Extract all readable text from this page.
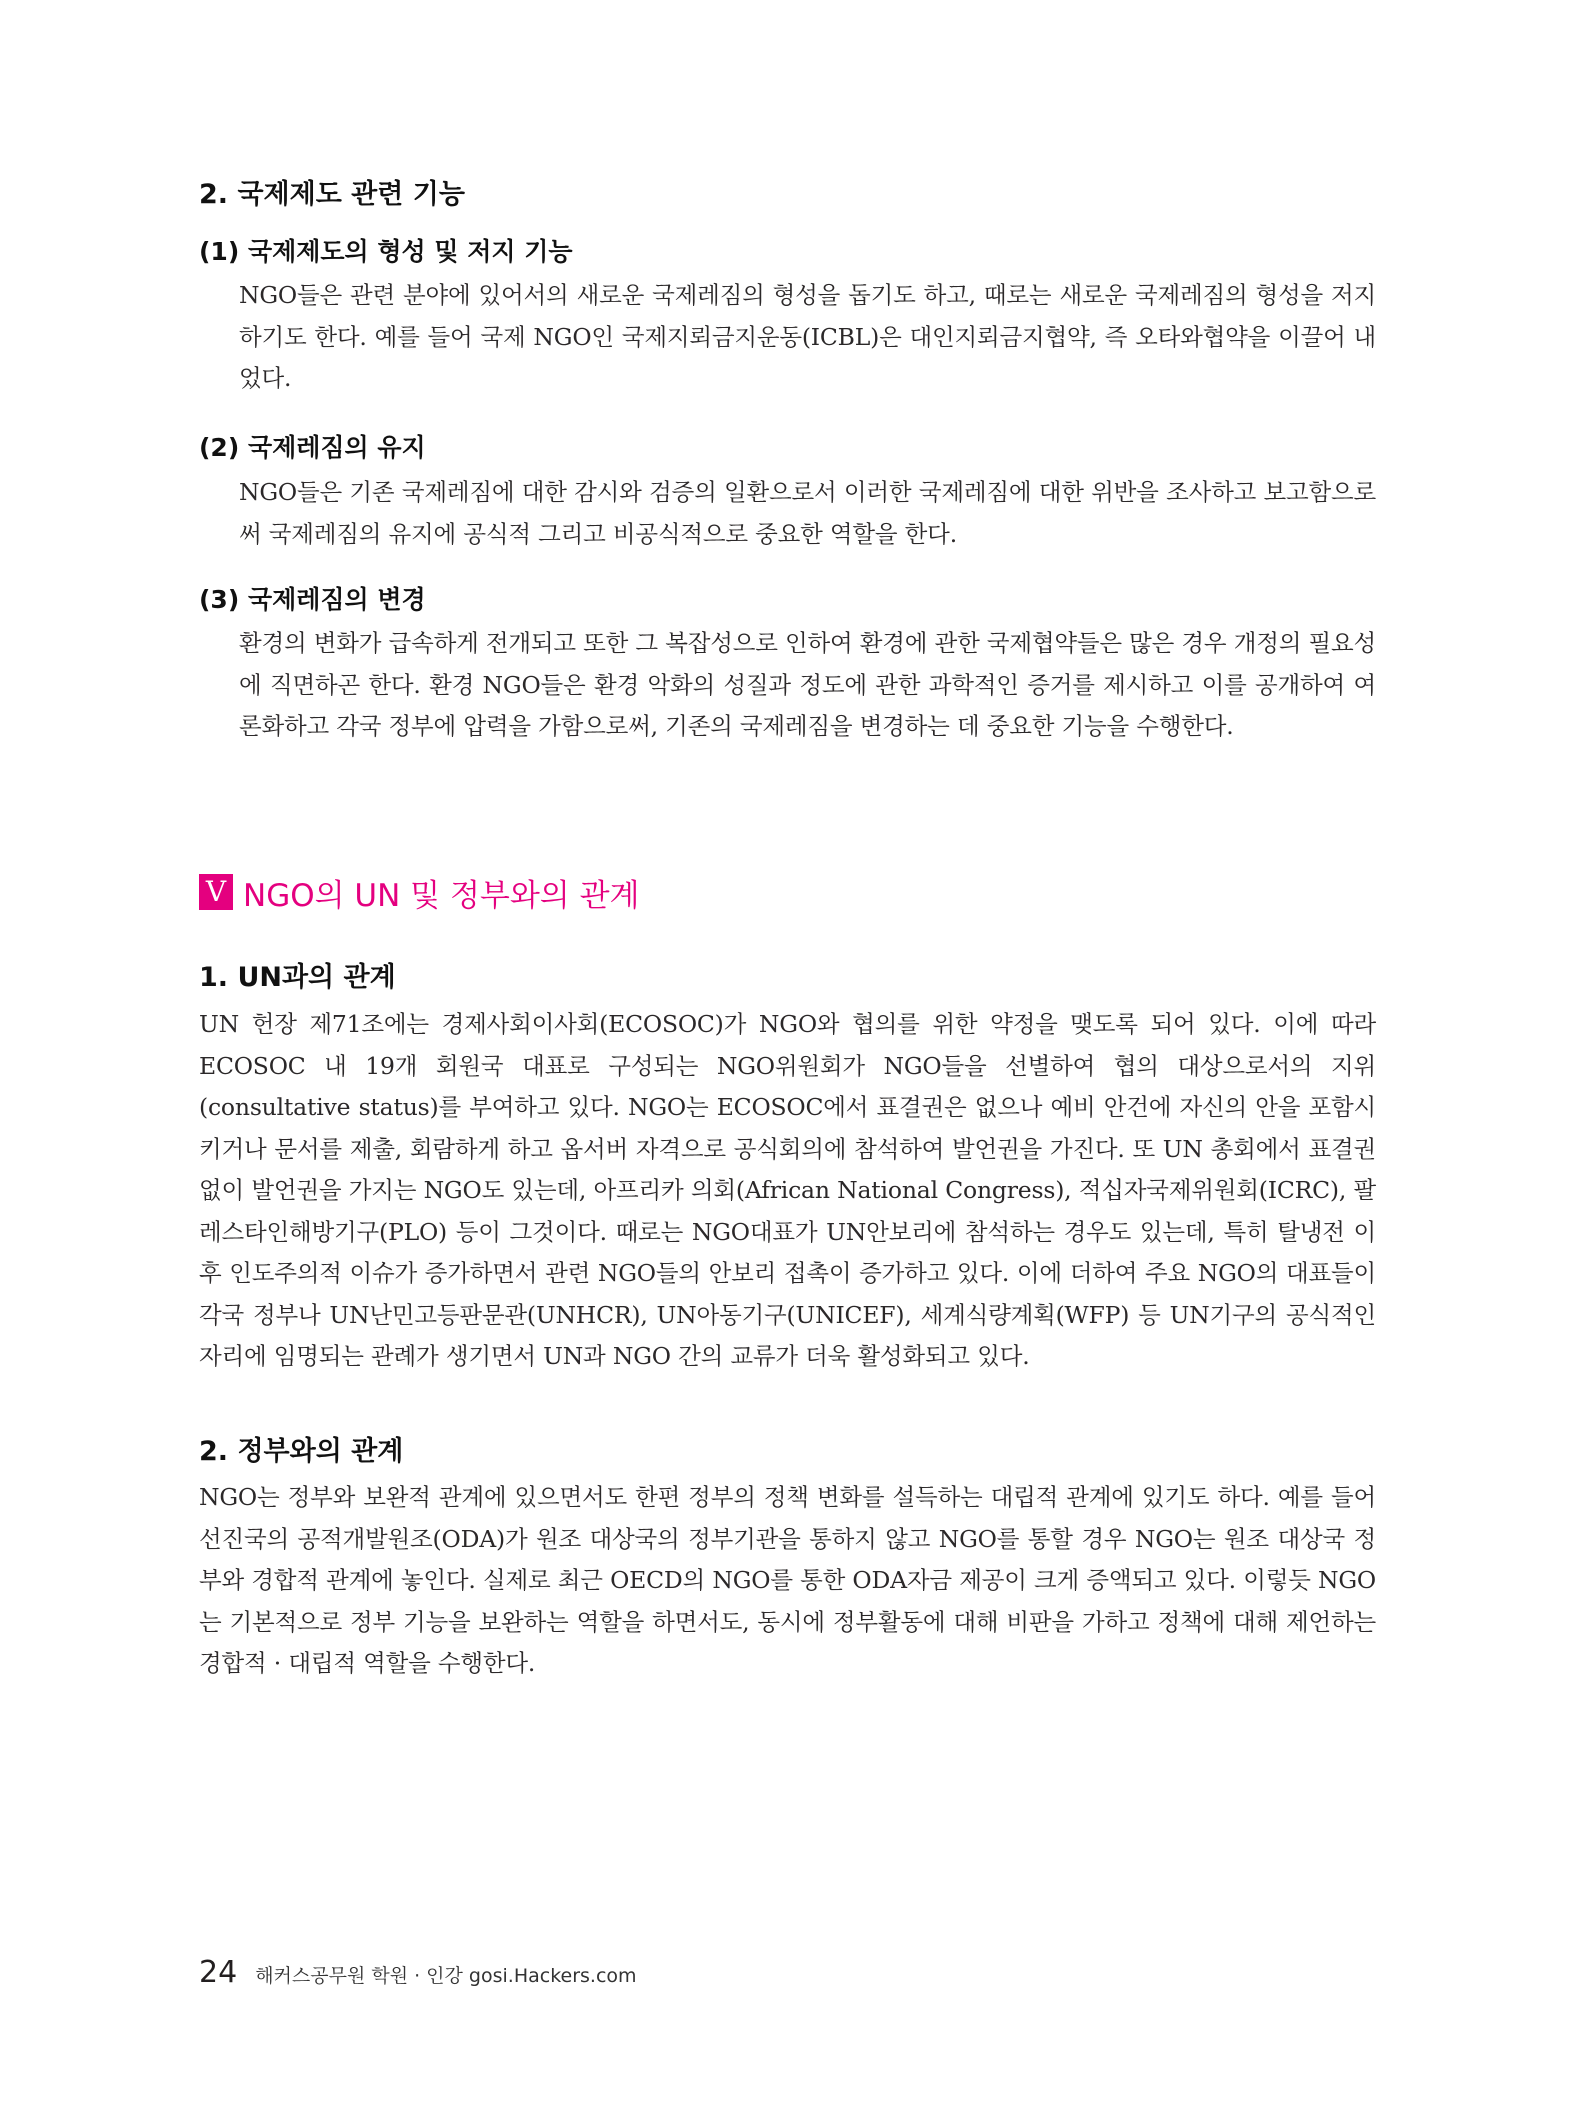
2. 국제제도 관련 기능
(1) 국제제도의 형성 및 저지 기능

NGO들은 관련 분야에 있어서의 새로운 국제레짐의 형성을 돕기도 하고, 때로는 새로운 국제레짐의 형성을 저지하기도 한다. 예를 들어 국제 NGO인 국제지뢰금지운동(ICBL)은 대인지뢰금지협약, 즉 오타와협약을 이끌어 내었다.

(2) 국제레짐의 유지

NGO들은 기존 국제레짐에 대한 감시와 검증의 일환으로서 이러한 국제레짐에 대한 위반을 조사하고 보고함으로써 국제레짐의 유지에 공식적 그리고 비공식적으로 중요한 역할을 한다.

(3) 국제레짐의 변경

환경의 변화가 급속하게 전개되고 또한 그 복잡성으로 인하여 환경에 관한 국제협약들은 많은 경우 개정의 필요성에 직면하곤 한다. 환경 NGO들은 환경 악화의 성질과 정도에 관한 과학적인 증거를 제시하고 이를 공개하여 여론화하고 각국 정부에 압력을 가함으로써, 기존의 국제레짐을 변경하는 데 중요한 기능을 수행한다.

V NGO의 UN 및 정부와의 관계
1. UN과의 관계

UN 헌장 제71조에는 경제사회이사회(ECOSOC)가 NGO와 협의를 위한 약정을 맺도록 되어 있다. 이에 따라 ECOSOC 내 19개 회원국 대표로 구성되는 NGO위원회가 NGO들을 선별하여 협의 대상으로서의 지위(consultative status)를 부여하고 있다. NGO는 ECOSOC에서 표결권은 없으나 예비 안건에 자신의 안을 포함시키거나 문서를 제출, 회람하게 하고 옵서버 자격으로 공식회의에 참석하여 발언권을 가진다. 또 UN 총회에서 표결권 없이 발언권을 가지는 NGO도 있는데, 아프리카 의회(African National Congress), 적십자국제위원회(ICRC), 팔레스타인해방기구(PLO) 등이 그것이다. 때로는 NGO대표가 UN안보리에 참석하는 경우도 있는데, 특히 탈냉전 이후 인도주의적 이슈가 증가하면서 관련 NGO들의 안보리 접촉이 증가하고 있다. 이에 더하여 주요 NGO의 대표들이 각국 정부나 UN난민고등판문관(UNHCR), UN아동기구(UNICEF), 세계식량계획(WFP) 등 UN기구의 공식적인 자리에 임명되는 관례가 생기면서 UN과 NGO 간의 교류가 더욱 활성화되고 있다.

2. 정부와의 관계

NGO는 정부와 보완적 관계에 있으면서도 한편 정부의 정책 변화를 설득하는 대립적 관계에 있기도 하다. 예를 들어 선진국의 공적개발원조(ODA)가 원조 대상국의 정부기관을 통하지 않고 NGO를 통할 경우 NGO는 원조 대상국 정부와 경합적 관계에 놓인다. 실제로 최근 OECD의 NGO를 통한 ODA자금 제공이 크게 증액되고 있다. 이렇듯 NGO는 기본적으로 정부 기능을 보완하는 역할을 하면서도, 동시에 정부활동에 대해 비판을 가하고 정책에 대해 제언하는 경합적 · 대립적 역할을 수행한다.

24 해커스공무원 학원 · 인강 gosi.Hackers.com
